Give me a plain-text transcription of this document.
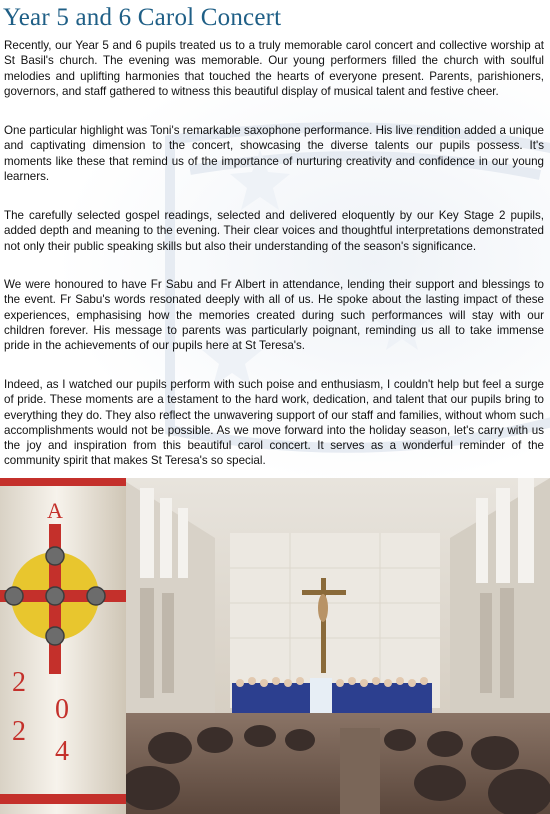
Year 5 and 6 Carol Concert

Recently, our Year 5 and 6 pupils treated us to a truly memorable carol concert and collective worship at St Basil's church. The evening was memorable. Our young performers filled the church with soulful melodies and uplifting harmonies that touched the hearts of everyone present. Parents, parishioners, governors, and staff gathered to witness this beautiful display of musical talent and festive cheer.

One particular highlight was Toni's remarkable saxophone performance. His live rendition added a unique and captivating dimension to the concert, showcasing the diverse talents our pupils possess. It's moments like these that remind us of the importance of nurturing creativity and confidence in our young learners.

The carefully selected gospel readings, selected and delivered eloquently by our Key Stage 2 pupils, added depth and meaning to the evening. Their clear voices and thoughtful interpretations demonstrated not only their public speaking skills but also their understanding of the season's significance.

We were honoured to have Fr Sabu and Fr Albert in attendance, lending their support and blessings to the event. Fr Sabu's words resonated deeply with all of us. He spoke about the lasting impact of these experiences, emphasising how the memories created during such performances will stay with our children forever. His message to parents was particularly poignant, reminding us all to take immense pride in the achievements of our pupils here at St Teresa's.

Indeed, as I watched our pupils perform with such poise and enthusiasm, I couldn't help but feel a surge of pride. These moments are a testament to the hard work, dedication, and talent that our pupils bring to everything they do. They also reflect the unwavering support of our staff and families, without whom such accomplishments would not be possible. As we move forward into the holiday season, let's carry with us the joy and inspiration from this beautiful carol concert. It serves as a wonderful reminder of the community spirit that makes St Teresa's so special.

A
2
0
2
4
